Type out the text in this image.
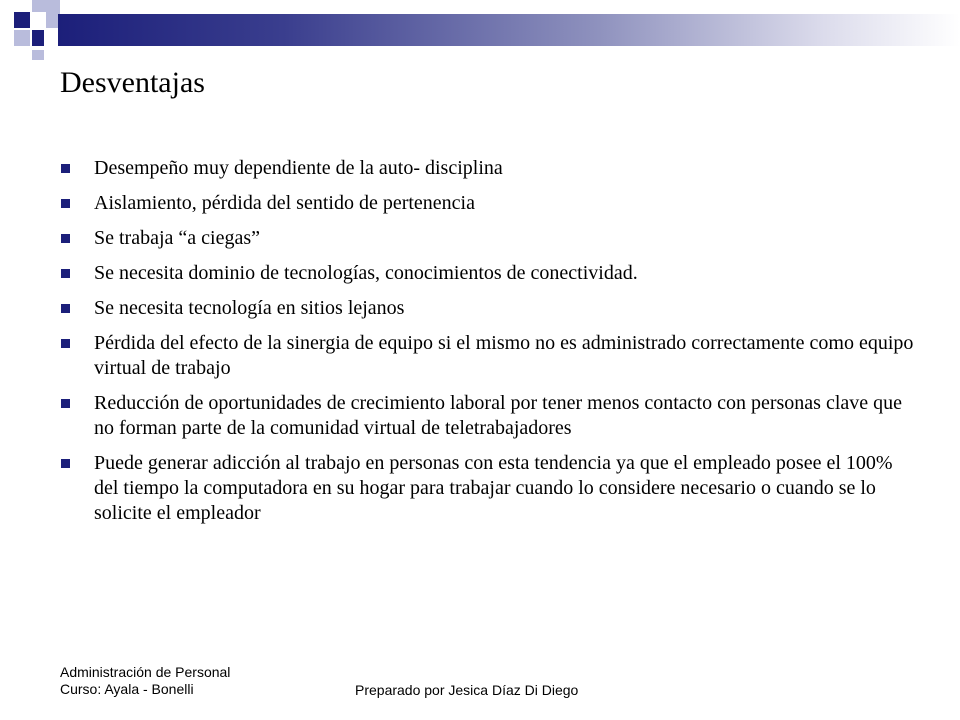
Desventajas
Desempeño muy dependiente de la auto- disciplina
Aislamiento, pérdida del sentido de pertenencia
Se trabaja “a ciegas”
Se necesita dominio de tecnologías, conocimientos de conectividad.
Se necesita tecnología en sitios lejanos
Pérdida del efecto de la sinergia de equipo si el mismo no es administrado correctamente como equipo virtual de trabajo
Reducción de oportunidades de crecimiento laboral por tener menos contacto con personas clave que no forman parte de la comunidad virtual de teletrabajadores
Puede generar adicción al trabajo en personas con esta tendencia ya que el empleado posee el 100% del tiempo la computadora en su hogar para trabajar cuando lo considere necesario o cuando se lo solicite el empleador
Administración de Personal
Curso: Ayala - Bonelli	Preparado por Jesica Díaz Di Diego
